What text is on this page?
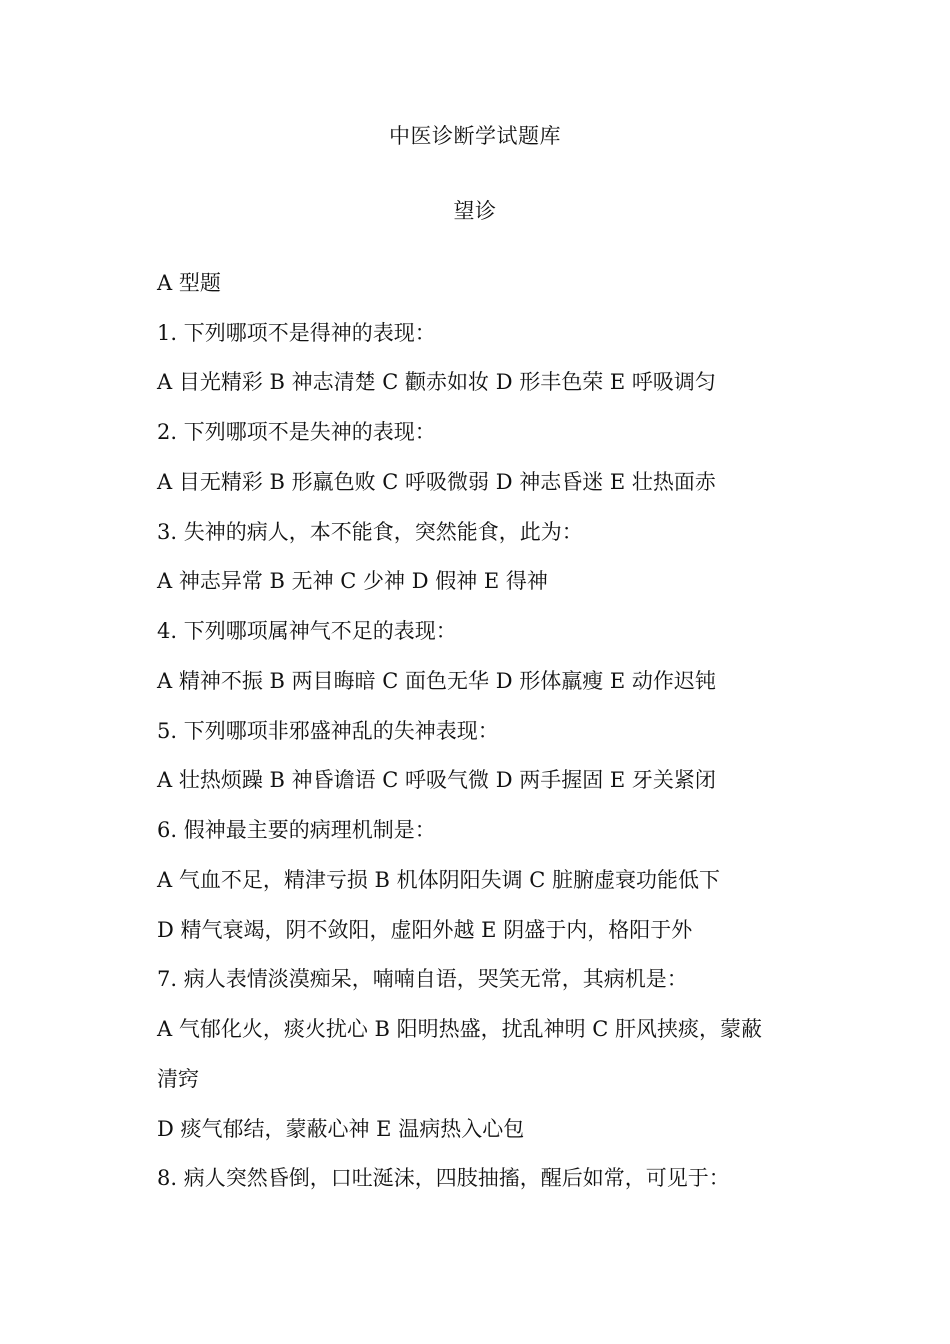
中医诊断学试题库
望诊
A 型题
1. 下列哪项不是得神的表现：
A 目光精彩 B 神志清楚 C 颧赤如妆 D 形丰色荣 E 呼吸调匀
2. 下列哪项不是失神的表现：
A 目无精彩 B 形羸色败 C 呼吸微弱 D 神志昏迷 E 壮热面赤
3. 失神的病人，本不能食，突然能食，此为：
A 神志异常 B 无神 C 少神 D 假神 E 得神
4. 下列哪项属神气不足的表现：
A 精神不振 B 两目晦暗 C 面色无华 D 形体羸瘦 E 动作迟钝
5. 下列哪项非邪盛神乱的失神表现：
A 壮热烦躁 B 神昏谵语 C 呼吸气微 D 两手握固 E 牙关紧闭
6. 假神最主要的病理机制是：
A 气血不足，精津亏损 B 机体阴阳失调 C 脏腑虚衰功能低下
D 精气衰竭，阴不敛阳，虚阳外越 E 阴盛于内，格阳于外
7. 病人表情淡漠痴呆，喃喃自语，哭笑无常，其病机是：
A 气郁化火，痰火扰心 B 阳明热盛，扰乱神明 C 肝风挟痰，蒙蔽
清窍
D 痰气郁结，蒙蔽心神 E 温病热入心包
8. 病人突然昏倒，口吐涎沫，四肢抽搐，醒后如常，可见于：
